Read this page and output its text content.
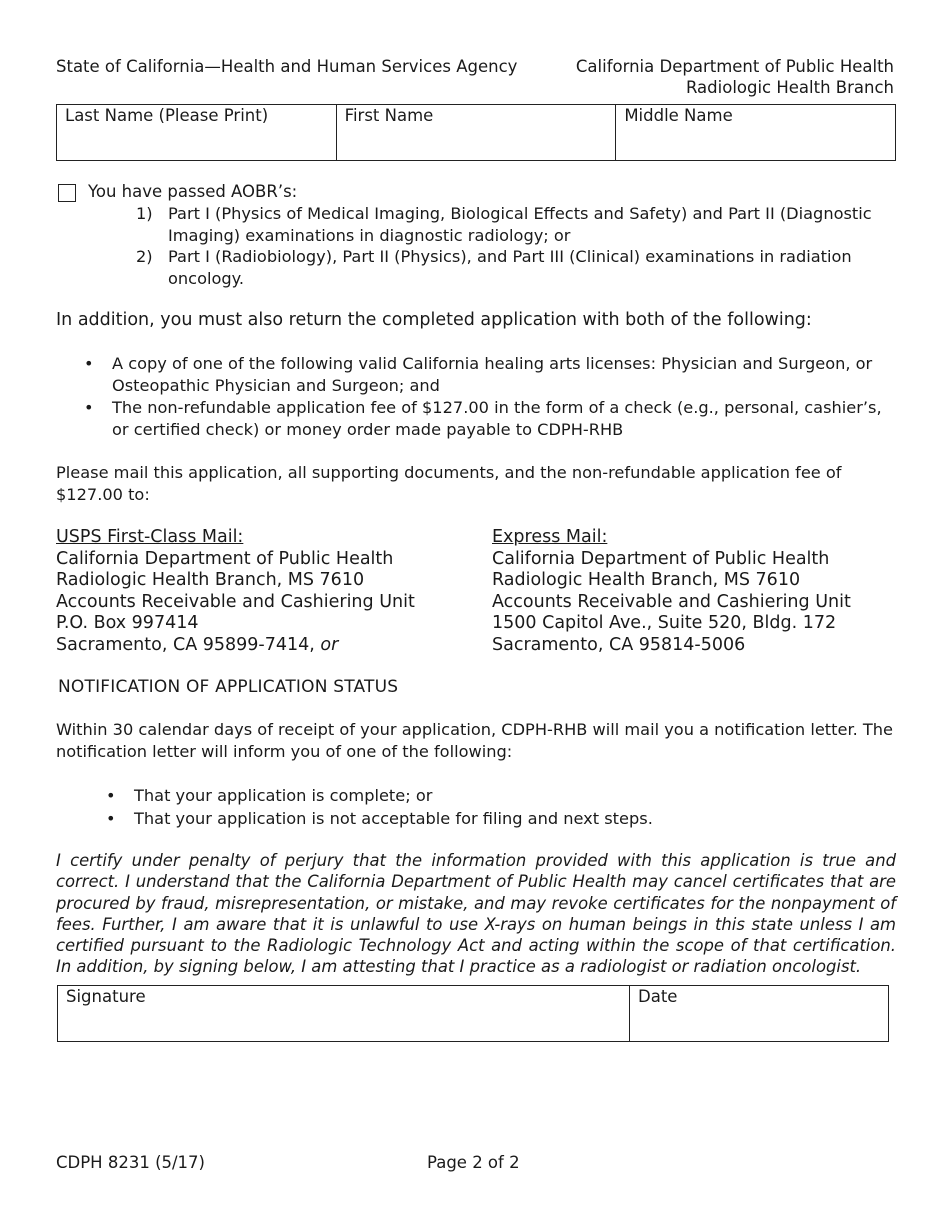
State of California—Health and Human Services Agency	California Department of Public Health
Radiologic Health Branch
Last Name (Please Print)	First Name	Middle Name
You have passed AOBR’s:
1) Part I (Physics of Medical Imaging, Biological Effects and Safety) and Part II (Diagnostic Imaging) examinations in diagnostic radiology; or
2) Part I (Radiobiology), Part II (Physics), and Part III (Clinical) examinations in radiation oncology.
In addition, you must also return the completed application with both of the following:
• A copy of one of the following valid California healing arts licenses: Physician and Surgeon, or Osteopathic Physician and Surgeon; and
• The non-refundable application fee of $127.00 in the form of a check (e.g., personal, cashier’s, or certified check) or money order made payable to CDPH-RHB
Please mail this application, all supporting documents, and the non-refundable application fee of $127.00 to:
USPS First-Class Mail:
California Department of Public Health
Radiologic Health Branch, MS 7610
Accounts Receivable and Cashiering Unit
P.O. Box 997414
Sacramento, CA 95899-7414, or
Express Mail:
California Department of Public Health
Radiologic Health Branch, MS 7610
Accounts Receivable and Cashiering Unit
1500 Capitol Ave., Suite 520, Bldg. 172
Sacramento, CA 95814-5006
NOTIFICATION OF APPLICATION STATUS
Within 30 calendar days of receipt of your application, CDPH-RHB will mail you a notification letter. The notification letter will inform you of one of the following:
• That your application is complete; or
• That your application is not acceptable for filing and next steps.
I certify under penalty of perjury that the information provided with this application is true and correct. I understand that the California Department of Public Health may cancel certificates that are procured by fraud, misrepresentation, or mistake, and may revoke certificates for the nonpayment of fees. Further, I am aware that it is unlawful to use X-rays on human beings in this state unless I am certified pursuant to the Radiologic Technology Act and acting within the scope of that certification. In addition, by signing below, I am attesting that I practice as a radiologist or radiation oncologist.
Signature	Date
CDPH 8231 (5/17)	Page 2 of 2
